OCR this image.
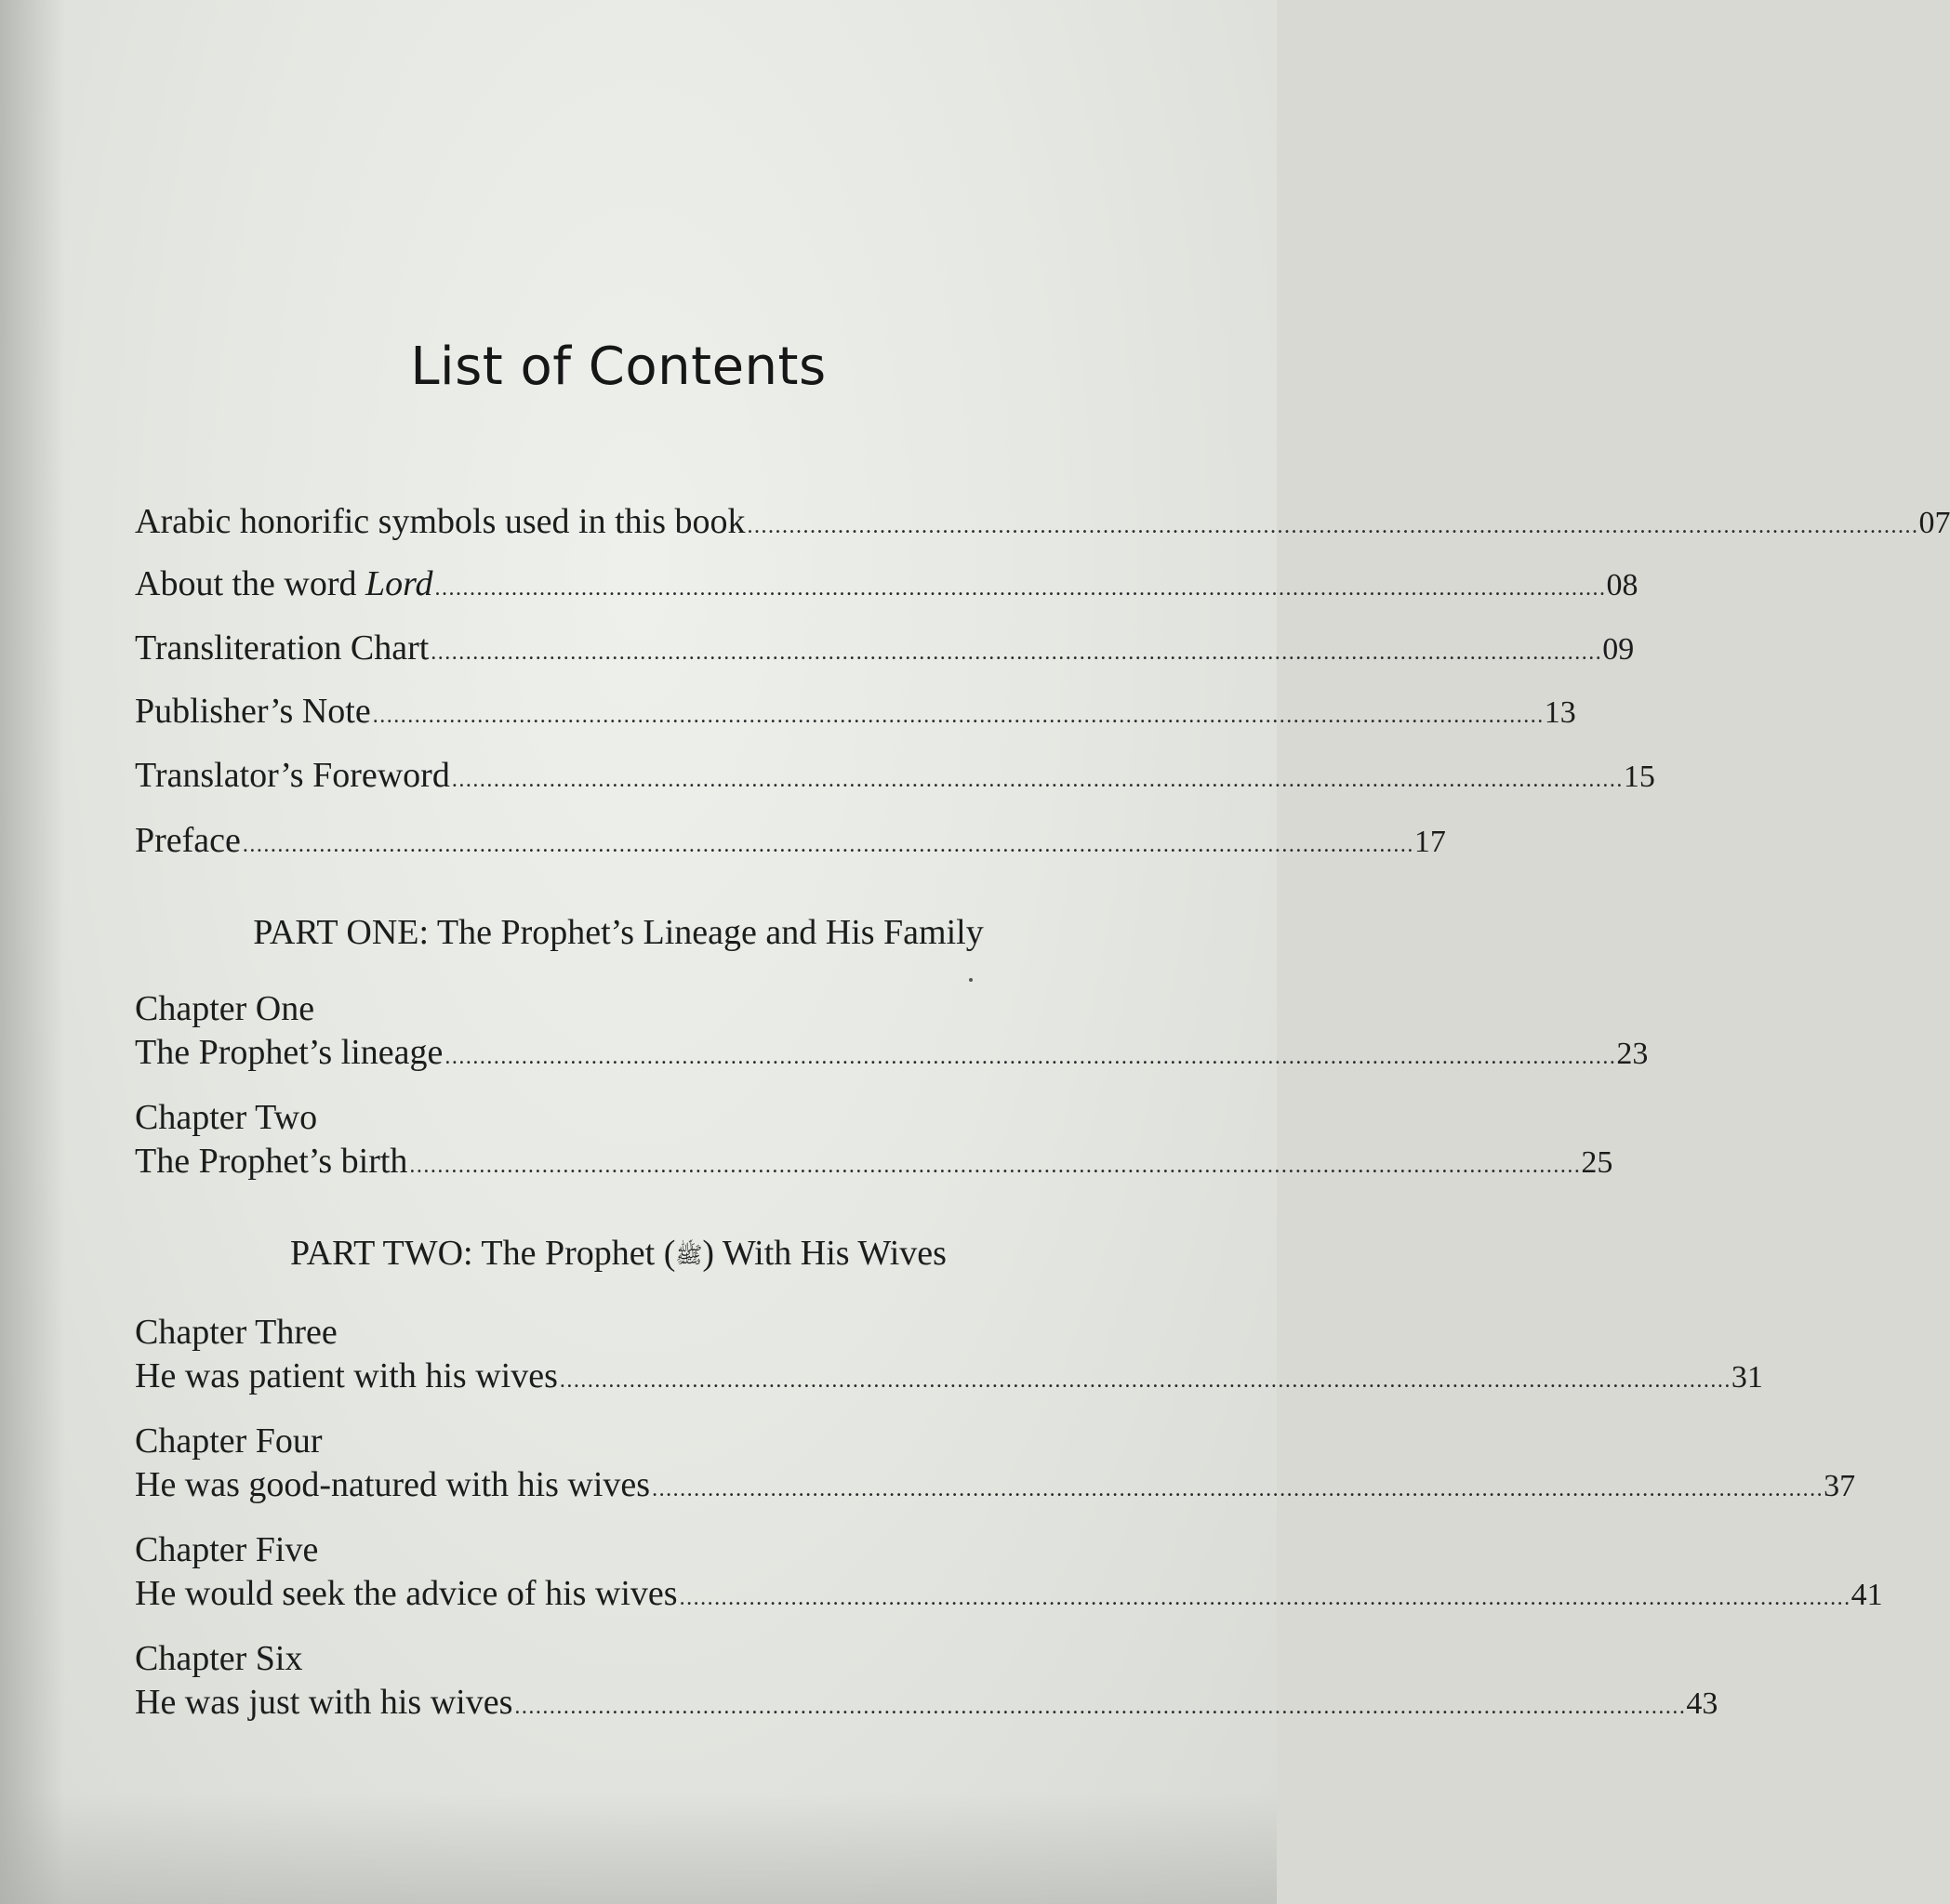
List of Contents
Arabic honorific symbols used in this book ........................................................................................................................................................................ 07
About the word Lord ........................................................................................................................................................................ 08
Transliteration Chart ........................................................................................................................................................................ 09
Publisher’s Note ........................................................................................................................................................................ 13
Translator’s Foreword ........................................................................................................................................................................ 15
Preface ........................................................................................................................................................................ 17
PART ONE: The Prophet’s Lineage and His Family
Chapter One
The Prophet’s lineage ........................................................................................................................................................................ 23
Chapter Two
The Prophet’s birth ........................................................................................................................................................................ 25
PART TWO: The Prophet (ﷺ) With His Wives
Chapter Three
He was patient with his wives ........................................................................................................................................................................ 31
Chapter Four
He was good-natured with his wives ........................................................................................................................................................................ 37
Chapter Five
He would seek the advice of his wives ........................................................................................................................................................................ 41
Chapter Six
He was just with his wives ........................................................................................................................................................................ 43
